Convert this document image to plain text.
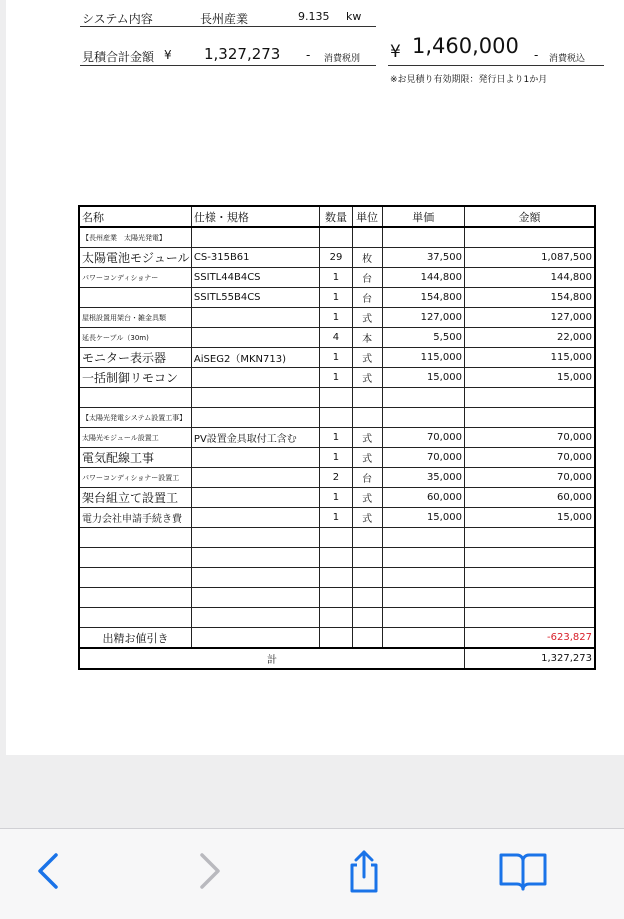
システム内容	長州産業	9.135 kw
見積合計金額 ¥ 1,327,273 - 消費税別 ¥ 1,460,000 - 消費税込
※お見積り有効期限：発行日より1か月
名称	仕様・規格	数量	単位	単価	金額
【長州産業　太陽光発電】					
太陽電池モジュール	CS-315B61	29	枚	37,500	1,087,500
パワーコンディショナー	SSITL44B4CS	1	台	144,800	144,800
	SSITL55B4CS	1	台	154,800	154,800
屋根設置用架台・雑金具類		1	式	127,000	127,000
延長ケーブル（30m)		4	本	5,500	22,000
モニター表示器	AiSEG2（MKN713)	1	式	115,000	115,000
一括制御リモコン		1	式	15,000	15,000

【太陽光発電システム設置工事】					
太陽光モジュール設置工	PV設置金具取付工含む	1	式	70,000	70,000
電気配線工事		1	式	70,000	70,000
パワーコンディショナー設置工		2	台	35,000	70,000
架台組立て設置工		1	式	60,000	60,000
電力会社申請手続き費		1	式	15,000	15,000

出精お値引き					-623,827
計					1,327,273
